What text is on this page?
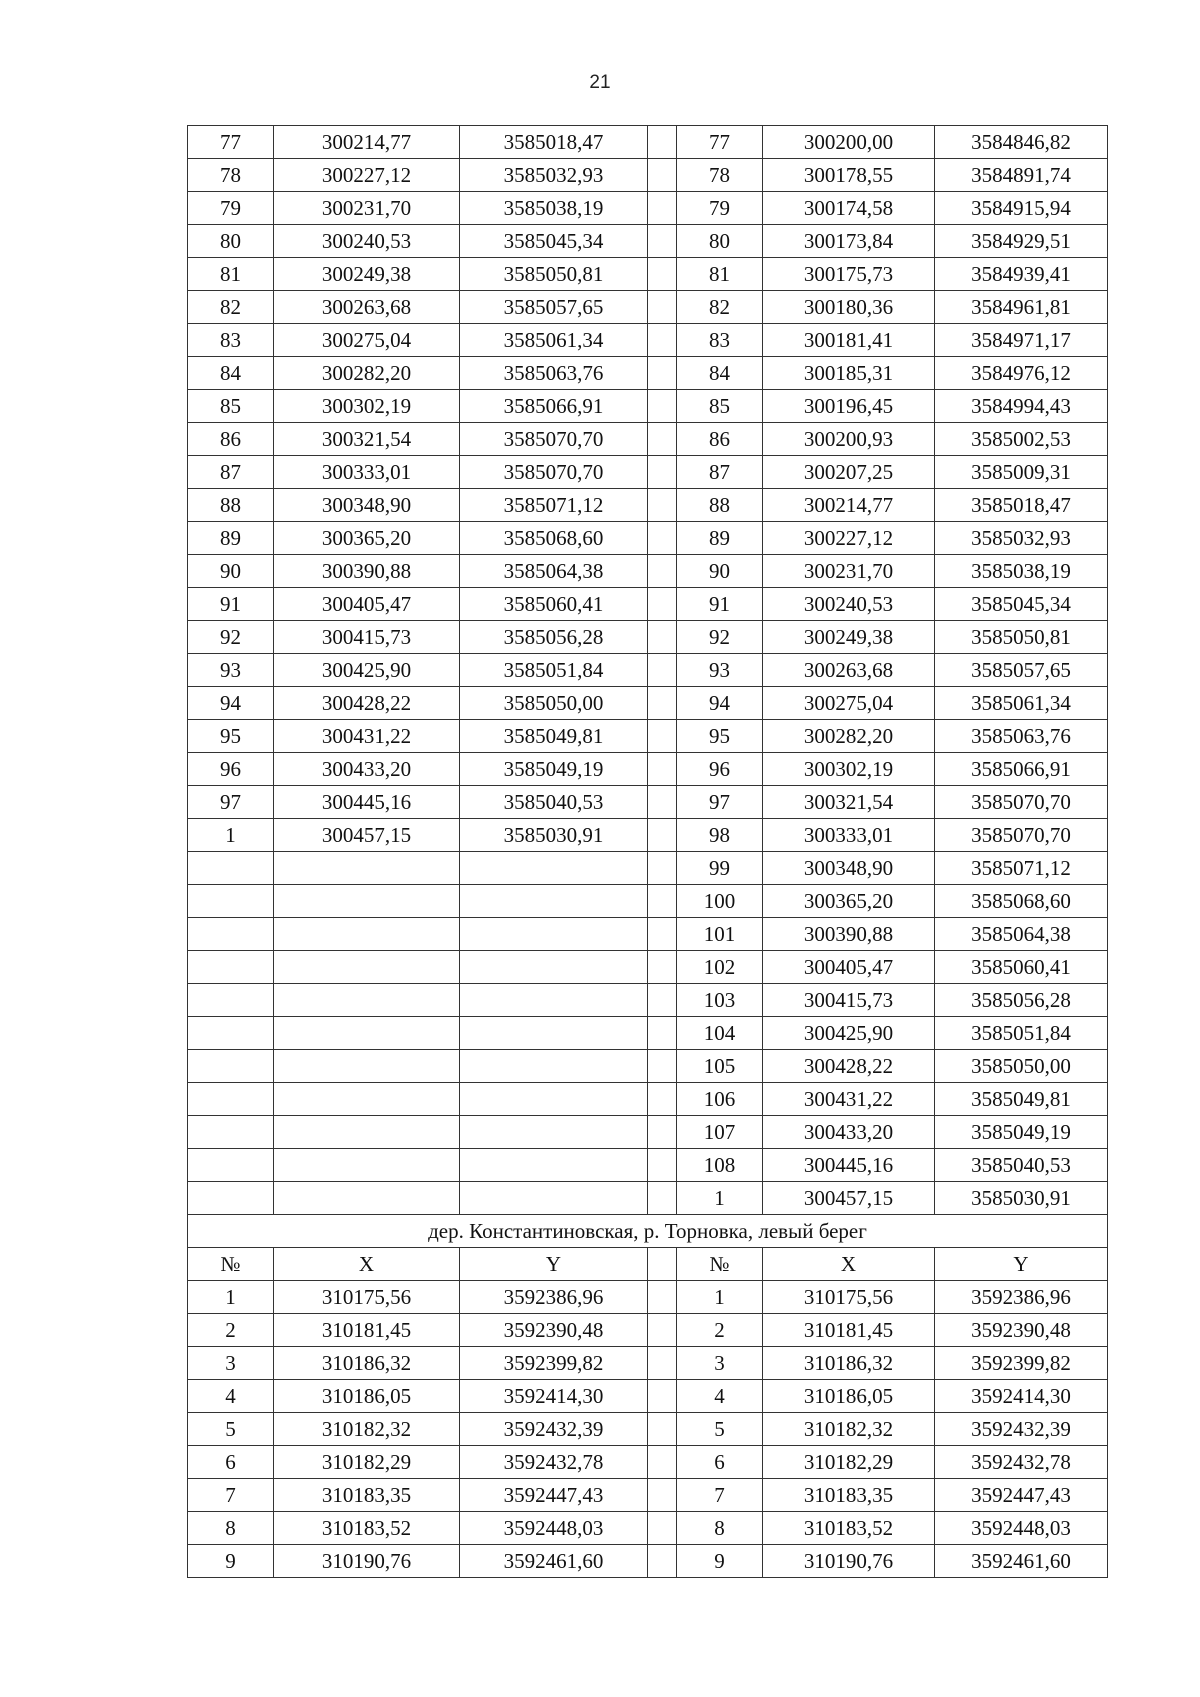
21
77	300214,77	3585018,47		77	300200,00	3584846,82
78	300227,12	3585032,93		78	300178,55	3584891,74
79	300231,70	3585038,19		79	300174,58	3584915,94
80	300240,53	3585045,34		80	300173,84	3584929,51
81	300249,38	3585050,81		81	300175,73	3584939,41
82	300263,68	3585057,65		82	300180,36	3584961,81
83	300275,04	3585061,34		83	300181,41	3584971,17
84	300282,20	3585063,76		84	300185,31	3584976,12
85	300302,19	3585066,91		85	300196,45	3584994,43
86	300321,54	3585070,70		86	300200,93	3585002,53
87	300333,01	3585070,70		87	300207,25	3585009,31
88	300348,90	3585071,12		88	300214,77	3585018,47
89	300365,20	3585068,60		89	300227,12	3585032,93
90	300390,88	3585064,38		90	300231,70	3585038,19
91	300405,47	3585060,41		91	300240,53	3585045,34
92	300415,73	3585056,28		92	300249,38	3585050,81
93	300425,90	3585051,84		93	300263,68	3585057,65
94	300428,22	3585050,00		94	300275,04	3585061,34
95	300431,22	3585049,81		95	300282,20	3585063,76
96	300433,20	3585049,19		96	300302,19	3585066,91
97	300445,16	3585040,53		97	300321,54	3585070,70
1	300457,15	3585030,91		98	300333,01	3585070,70
				99	300348,90	3585071,12
				100	300365,20	3585068,60
				101	300390,88	3585064,38
				102	300405,47	3585060,41
				103	300415,73	3585056,28
				104	300425,90	3585051,84
				105	300428,22	3585050,00
				106	300431,22	3585049,81
				107	300433,20	3585049,19
				108	300445,16	3585040,53
				1	300457,15	3585030,91
дер. Константиновская, р. Торновка, левый берег						
№	X	Y		№	X	Y
1	310175,56	3592386,96		1	310175,56	3592386,96
2	310181,45	3592390,48		2	310181,45	3592390,48
3	310186,32	3592399,82		3	310186,32	3592399,82
4	310186,05	3592414,30		4	310186,05	3592414,30
5	310182,32	3592432,39		5	310182,32	3592432,39
6	310182,29	3592432,78		6	310182,29	3592432,78
7	310183,35	3592447,43		7	310183,35	3592447,43
8	310183,52	3592448,03		8	310183,52	3592448,03
9	310190,76	3592461,60		9	310190,76	3592461,60
